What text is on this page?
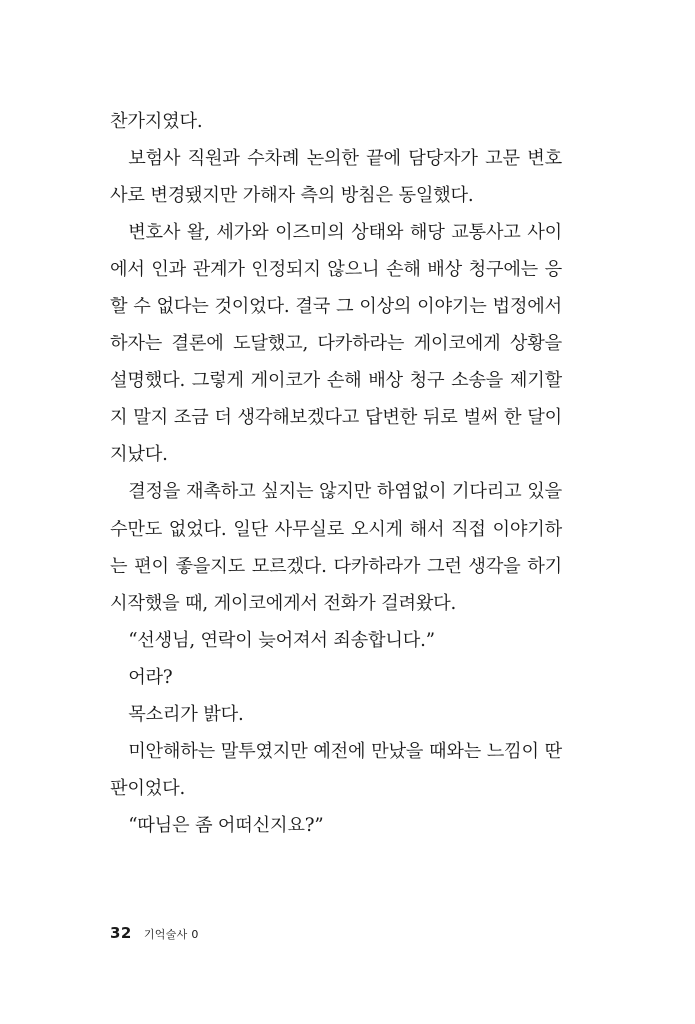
찬가지였다.

보험사 직원과 수차례 논의한 끝에 담당자가 고문 변호사로 변경됐지만 가해자 측의 방침은 동일했다.

변호사 왈, 세가와 이즈미의 상태와 해당 교통사고 사이에서 인과 관계가 인정되지 않으니 손해 배상 청구에는 응할 수 없다는 것이었다. 결국 그 이상의 이야기는 법정에서 하자는 결론에 도달했고, 다카하라는 게이코에게 상황을 설명했다. 그렇게 게이코가 손해 배상 청구 소송을 제기할지 말지 조금 더 생각해보겠다고 답변한 뒤로 벌써 한 달이 지났다.

결정을 재촉하고 싶지는 않지만 하염없이 기다리고 있을 수만도 없었다. 일단 사무실로 오시게 해서 직접 이야기하는 편이 좋을지도 모르겠다. 다카하라가 그런 생각을 하기 시작했을 때, 게이코에게서 전화가 걸려왔다.

“선생님, 연락이 늦어져서 죄송합니다.”

어라?

목소리가 밝다.

미안해하는 말투였지만 예전에 만났을 때와는 느낌이 딴판이었다.

“따님은 좀 어떠신지요?”

32 기억술사 0
